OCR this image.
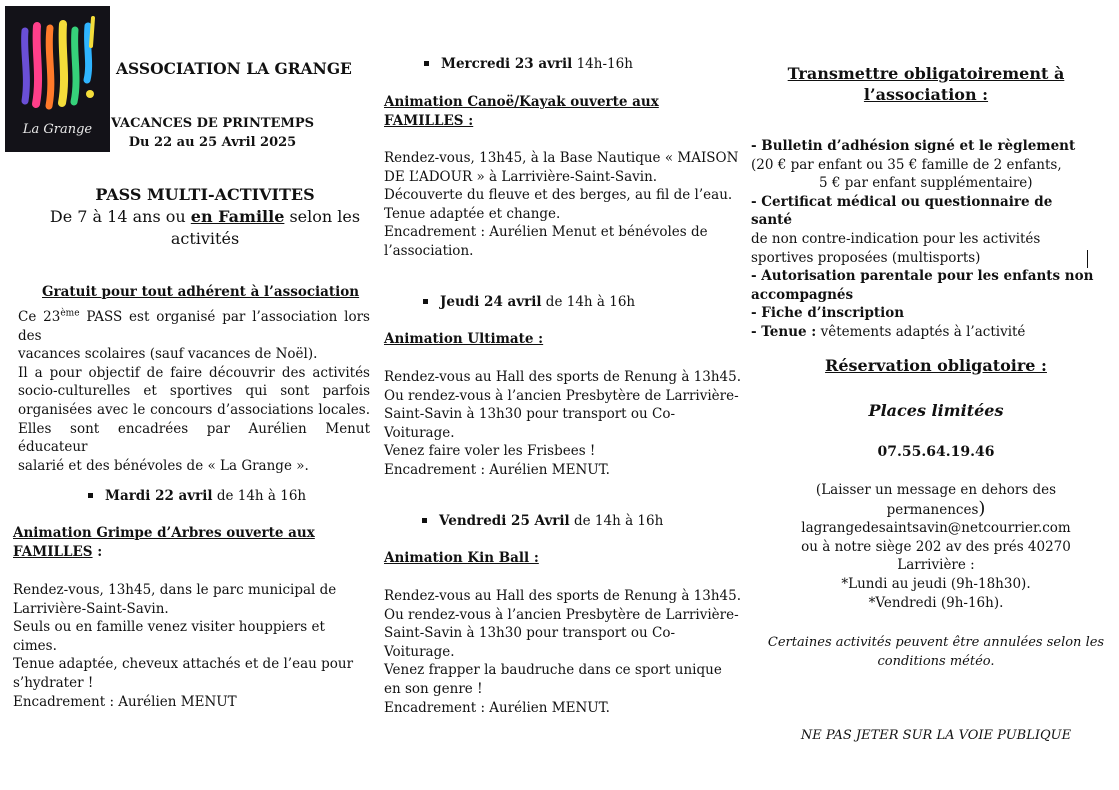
La Grange
ASSOCIATION LA GRANGE
VACANCES DE PRINTEMPS
Du 22 au 25 Avril 2025
PASS MULTI-ACTIVITES
De 7 à 14 ans ou en Famille selon les
activités
Gratuit pour tout adhérent à l’association
Ce 23ème PASS est organisé par l’association lors des
vacances scolaires (sauf vacances de Noël).
Il a pour objectif de faire découvrir des activités
socio-culturelles et sportives qui sont parfois
organisées avec le concours d’associations locales.
Elles sont encadrées par Aurélien Menut éducateur
salarié et des bénévoles de « La Grange ».
Mardi 22 avril de 14h à 16h
Animation Grimpe d’Arbres ouverte aux
FAMILLES :
Rendez-vous, 13h45, dans le parc municipal de
Larrivière-Saint-Savin.
Seuls ou en famille venez visiter houppiers et
cimes.
Tenue adaptée, cheveux attachés et de l’eau pour
s’hydrater !
Encadrement : Aurélien MENUT
Mercredi 23 avril 14h-16h
Animation Canoë/Kayak ouverte aux
FAMILLES :
Rendez-vous, 13h45, à la Base Nautique « MAISON
DE L’ADOUR » à Larrivière-Saint-Savin.
Découverte du fleuve et des berges, au fil de l’eau.
Tenue adaptée et change.
Encadrement : Aurélien Menut et bénévoles de
l’association.
Jeudi 24 avril de 14h à 16h
Animation Ultimate :
Rendez-vous au Hall des sports de Renung à 13h45.
Ou rendez-vous à l’ancien Presbytère de Larrivière-
Saint-Savin à 13h30 pour transport ou Co-
Voiturage.
Venez faire voler les Frisbees !
Encadrement : Aurélien MENUT.
Vendredi 25 Avril de 14h à 16h
Animation Kin Ball :
Rendez-vous au Hall des sports de Renung à 13h45.
Ou rendez-vous à l’ancien Presbytère de Larrivière-
Saint-Savin à 13h30 pour transport ou Co-
Voiturage.
Venez frapper la baudruche dans ce sport unique
en son genre !
Encadrement : Aurélien MENUT.
Transmettre obligatoirement à
l’association :
- Bulletin d’adhésion signé et le règlement
(20 € par enfant ou 35 € famille de 2 enfants,
5 € par enfant supplémentaire)
- Certificat médical ou questionnaire de santé
de non contre-indication pour les activités
sportives proposées (multisports)
- Autorisation parentale pour les enfants non
accompagnés
- Fiche d’inscription
- Tenue : vêtements adaptés à l’activité
Réservation obligatoire :
Places limitées
07.55.64.19.46
(Laisser un message en dehors des
permanences)
lagrangedesaintsavin@netcourrier.com
ou à notre siège 202 av des prés 40270
Larrivière :
*Lundi au jeudi (9h-18h30).
*Vendredi (9h-16h).
Certaines activités peuvent être annulées selon les
conditions météo.
NE PAS JETER SUR LA VOIE PUBLIQUE
